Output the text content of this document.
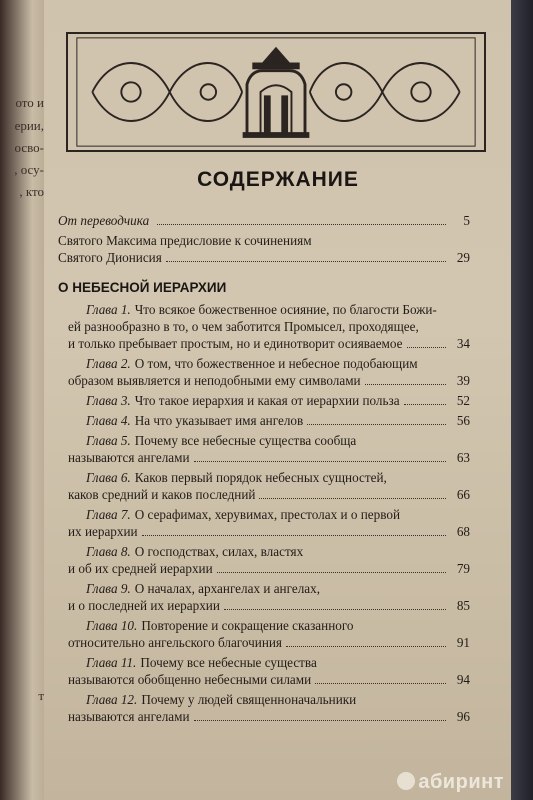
ото и
ерии,
осво-
, осу-
, кто
т
СОДЕРЖАНИЕ
От переводчика	5
Святого Максима предисловие к сочинениям
Святого Дионисия	29
О НЕБЕСНОЙ ИЕРАРХИИ
Глава 1. Что всякое божественное осияние, по благости Божи-
ей разнообразно в то, о чем заботится Промысел, проходящее,
и только пребывает простым, но и единотворит осияваемое	34
Глава 2. О том, что божественное и небесное подобающим
образом выявляется и неподобными ему символами	39
Глава 3. Что такое иерархия и какая от иерархии польза	52
Глава 4. На что указывает имя ангелов	56
Глава 5. Почему все небесные существа сообща
называются ангелами	63
Глава 6. Каков первый порядок небесных сущностей,
каков средний и каков последний	66
Глава 7. О серафимах, херувимах, престолах и о первой
их иерархии	68
Глава 8. О господствах, силах, властях
и об их средней иерархии	79
Глава 9. О началах, архангелах и ангелах,
и о последней их иерархии	85
Глава 10. Повторение и сокращение сказанного
относительно ангельского благочиния	91
Глава 11. Почему все небесные существа
называются обобщенно небесными силами	94
Глава 12. Почему у людей священноначальники
называются ангелами	96
абиринт
